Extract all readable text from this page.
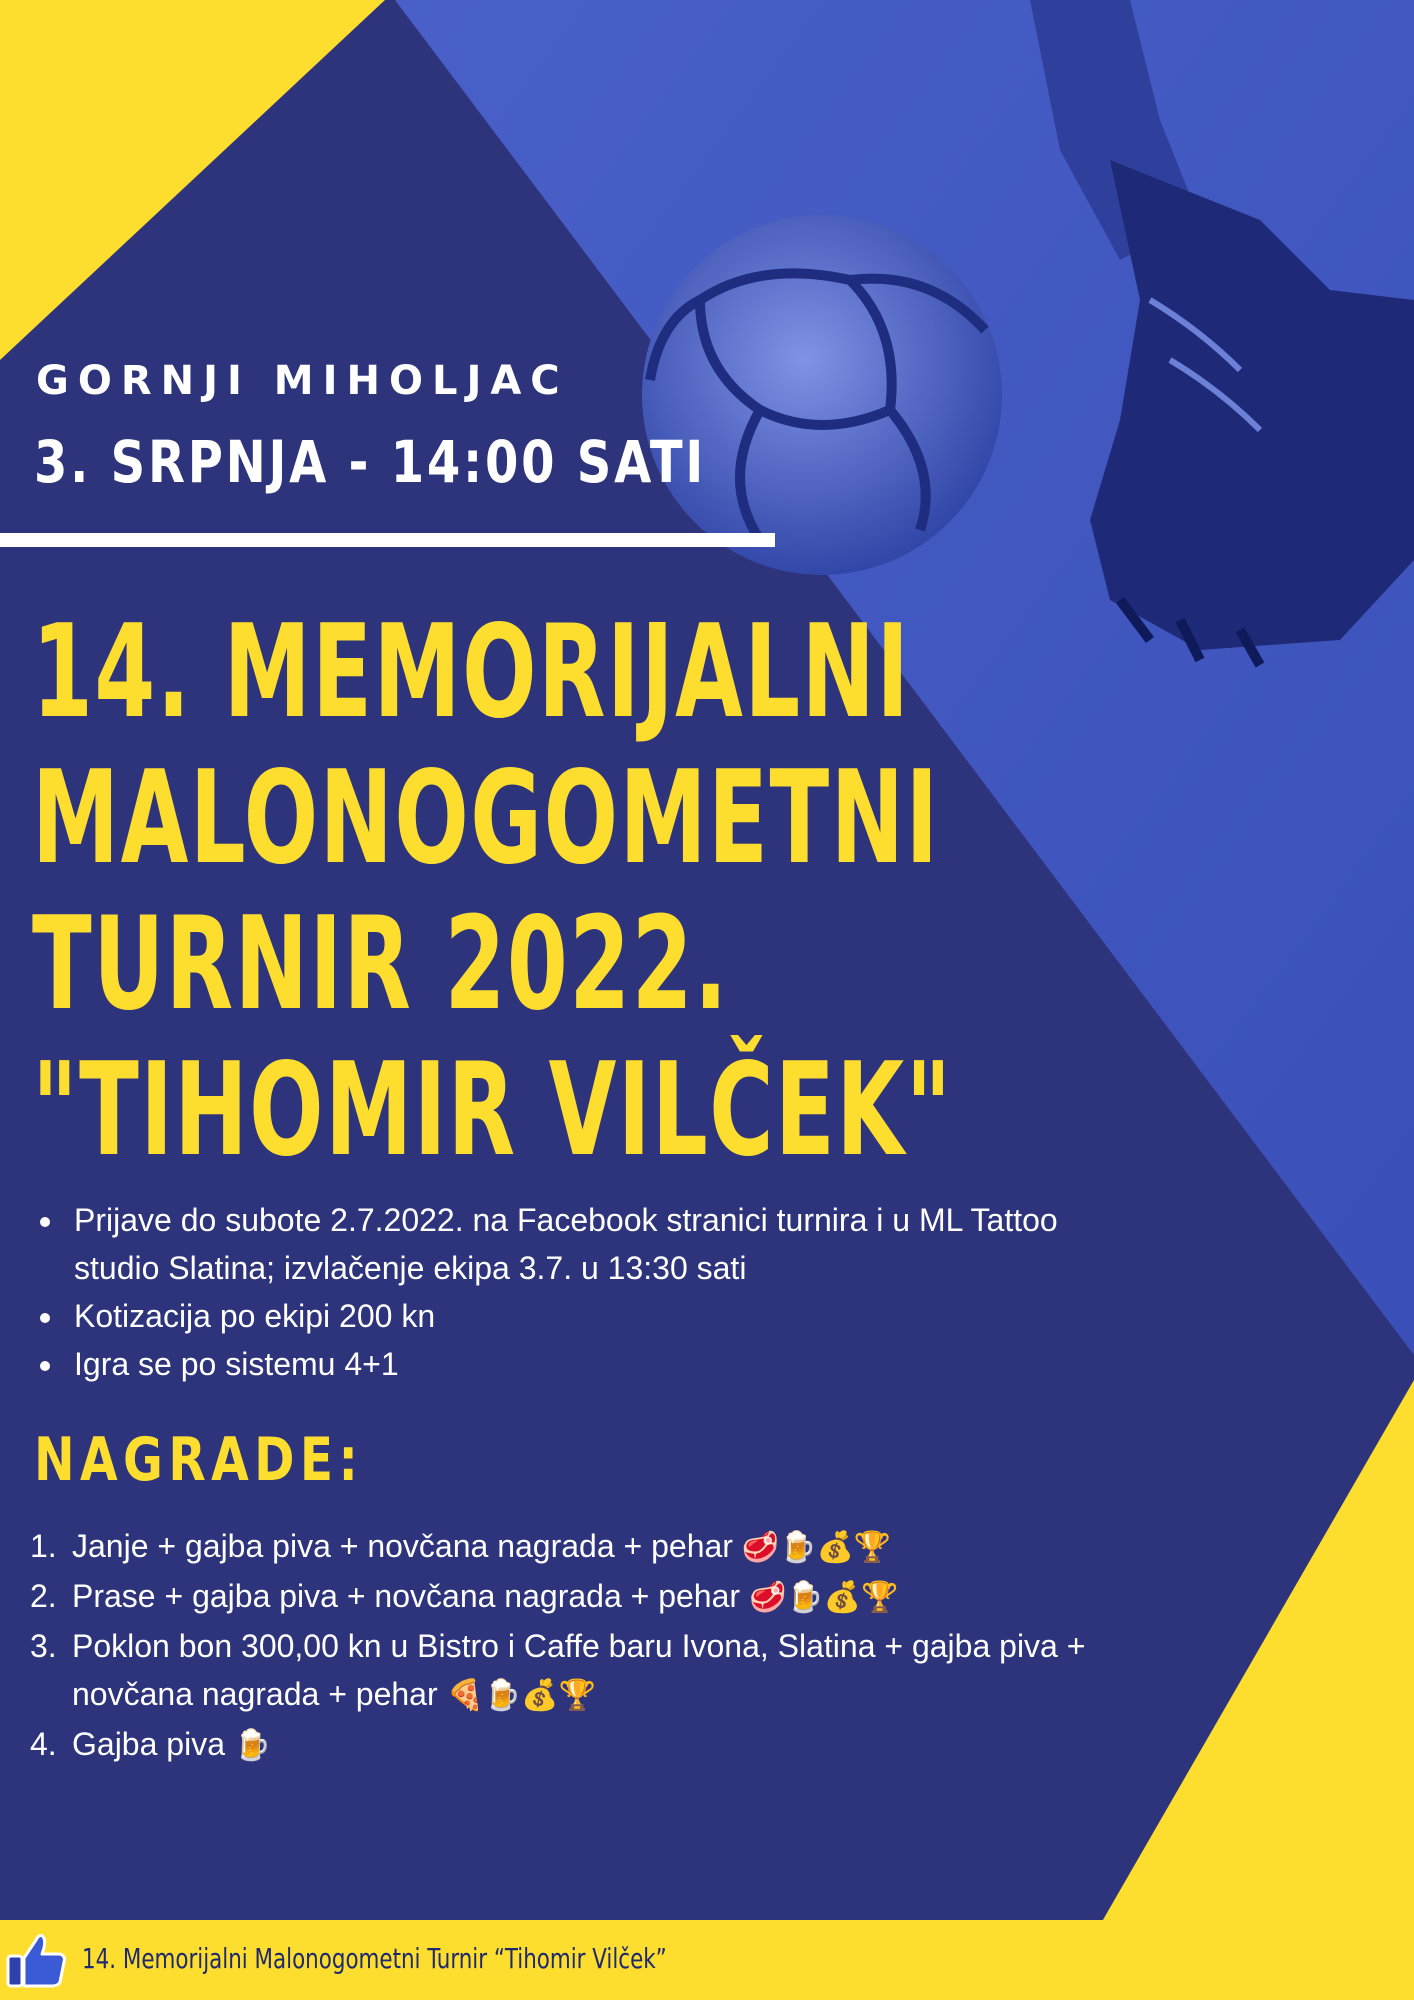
GORNJI MIHOLJAC
3. SRPNJA - 14:00 SATI
14. MEMORIJALNI
MALONOGOMETNI
TURNIR 2022.
"TIHOMIR VILČEK"
Prijave do subote 2.7.2022. na Facebook stranici turnira i u ML Tattoo studio Slatina; izvlačenje ekipa 3.7. u 13:30 sati
Kotizacija po ekipi 200 kn
Igra se po sistemu 4+1
NAGRADE:
1. Janje + gajba piva + novčana nagrada + pehar 🥩🍺💰🏆
2. Prase + gajba piva + novčana nagrada + pehar 🥩🍺💰🏆
3. Poklon bon 300,00 kn u Bistro i Caffe baru Ivona, Slatina + gajba piva + novčana nagrada + pehar 🍕🍺💰🏆
4. Gajba piva 🍺
14. Memorijalni Malonogometni Turnir “Tihomir Vilček”
